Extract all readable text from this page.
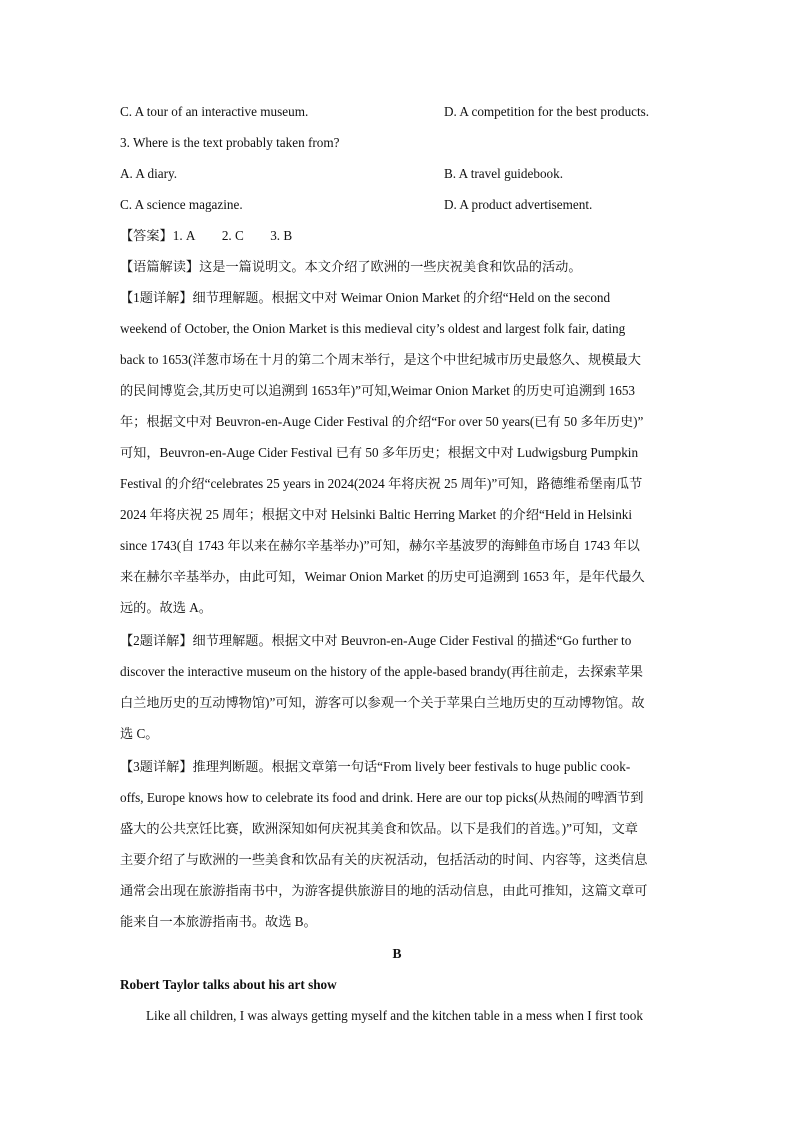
C. A tour of an interactive museum.	D. A competition for the best products.
3. Where is the text probably taken from?
A. A diary.	B. A travel guidebook.
C. A science magazine.	D. A product advertisement.
【答案】1. A        2. C        3. B
【语篇解读】这是一篇说明文。本文介绍了欧洲的一些庆祝美食和饮品的活动。
【1题详解】细节理解题。根据文中对 Weimar Onion Market 的介绍“Held on the second
weekend of October, the Onion Market is this medieval city’s oldest and largest folk fair, dating
back to 1653(洋葱市场在十月的第二个周末举行，是这个中世纪城市历史最悠久、规模最大
的民间博览会,其历史可以追溯到 1653年)”可知,Weimar Onion Market 的历史可追溯到 1653
年；根据文中对 Beuvron-en-Auge Cider Festival 的介绍“For over 50 years(已有 50 多年历史)”
可知，Beuvron-en-Auge Cider Festival 已有 50 多年历史；根据文中对 Ludwigsburg Pumpkin
Festival 的介绍“celebrates 25 years in 2024(2024 年将庆祝 25 周年)”可知，路德维希堡南瓜节
2024 年将庆祝 25 周年；根据文中对 Helsinki Baltic Herring Market 的介绍“Held in Helsinki
since 1743(自 1743 年以来在赫尔辛基举办)”可知，赫尔辛基波罗的海鲱鱼市场自 1743 年以
来在赫尔辛基举办，由此可知，Weimar Onion Market 的历史可追溯到 1653 年，是年代最久
远的。故选 A。
【2题详解】细节理解题。根据文中对 Beuvron-en-Auge Cider Festival 的描述“Go further to
discover the interactive museum on the history of the apple-based brandy(再往前走，去探索苹果
白兰地历史的互动博物馆)”可知，游客可以参观一个关于苹果白兰地历史的互动博物馆。故
选 C。
【3题详解】推理判断题。根据文章第一句话“From lively beer festivals to huge public cook-
offs, Europe knows how to celebrate its food and drink. Here are our top picks(从热闹的啤酒节到
盛大的公共烹饪比赛，欧洲深知如何庆祝其美食和饮品。以下是我们的首选。)”可知，文章
主要介绍了与欧洲的一些美食和饮品有关的庆祝活动，包括活动的时间、内容等，这类信息
通常会出现在旅游指南书中，为游客提供旅游目的地的活动信息，由此可推知，这篇文章可
能来自一本旅游指南书。故选 B。
B
Robert Taylor talks about his art show
Like all children, I was always getting myself and the kitchen table in a mess when I first took
